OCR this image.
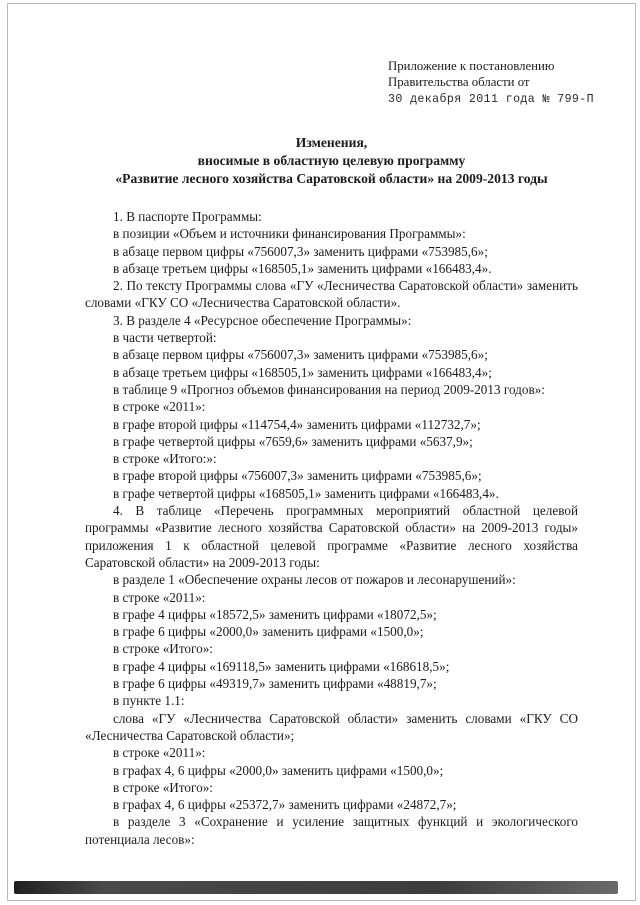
Приложение к постановлению
Правительства области от
30 декабря 2011 года № 799-П
Изменения,
вносимые в областную целевую программу
«Развитие лесного хозяйства Саратовской области» на 2009-2013 годы

1. В паспорте Программы:

в позиции «Объем и источники финансирования Программы»:

в абзаце первом цифры «756007,3» заменить цифрами «753985,6»;

в абзаце третьем цифры «168505,1» заменить цифрами «166483,4».

2. По тексту Программы слова «ГУ «Лесничества Саратовской области» заменить словами «ГКУ СО «Лесничества Саратовской области».

3. В разделе 4 «Ресурсное обеспечение Программы»:

в части четвертой:

в абзаце первом цифры «756007,3» заменить цифрами «753985,6»;

в абзаце третьем цифры «168505,1» заменить цифрами «166483,4»;

в таблице 9 «Прогноз объемов финансирования на период 2009-2013 годов»:

в строке «2011»:

в графе второй цифры «114754,4» заменить цифрами «112732,7»;

в графе четвертой цифры «7659,6» заменить цифрами «5637,9»;

в строке «Итого:»:

в графе второй цифры «756007,3» заменить цифрами «753985,6»;

в графе четвертой цифры «168505,1» заменить цифрами «166483,4».

4. В таблице «Перечень программных мероприятий областной целевой программы «Развитие лесного хозяйства Саратовской области» на 2009-2013 годы» приложения 1 к областной целевой программе «Развитие лесного хозяйства Саратовской области» на 2009-2013 годы:

в разделе 1 «Обеспечение охраны лесов от пожаров и лесонарушений»:

в строке «2011»:

в графе 4 цифры «18572,5» заменить цифрами «18072,5»;

в графе 6 цифры «2000,0» заменить цифрами «1500,0»;

в строке «Итого»:

в графе 4 цифры «169118,5» заменить цифрами «168618,5»;

в графе 6 цифры «49319,7» заменить цифрами «48819,7»;

в пункте 1.1:

слова «ГУ «Лесничества Саратовской области» заменить словами «ГКУ СО «Лесничества Саратовской области»;

в строке «2011»:

в графах 4, 6 цифры «2000,0» заменить цифрами «1500,0»;

в строке «Итого»:

в графах 4, 6 цифры «25372,7» заменить цифрами «24872,7»;

в разделе 3 «Сохранение и усиление защитных функций и экологического потенциала лесов»:
